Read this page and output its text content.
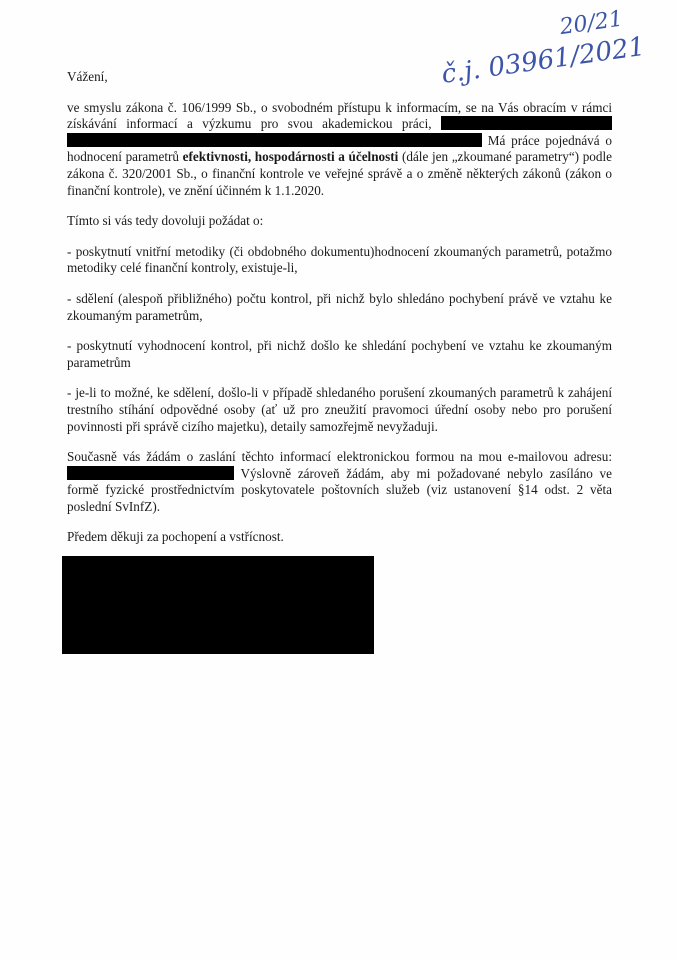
20/21
č.j. 03961/2021

Vážení,

ve smyslu zákona č. 106/1999 Sb., o svobodném přístupu k informacím, se na Vás obracím v rámci získávání informací a výzkumu pro svou akademickou práci,   Má práce pojednává o hodnocení parametrů efektivnosti, hospodárnosti a účelnosti (dále jen „zkoumané parametry“) podle zákona č. 320/2001 Sb., o finanční kontrole ve veřejné správě a o změně některých zákonů (zákon o finanční kontrole), ve znění účinném k 1.1.2020.

Tímto si vás tedy dovoluji požádat o:

- poskytnutí vnitřní metodiky (či obdobného dokumentu)hodnocení zkoumaných parametrů, potažmo metodiky celé finanční kontroly, existuje-li,

- sdělení (alespoň přibližného) počtu kontrol, při nichž bylo shledáno pochybení právě ve vztahu ke zkoumaným parametrům,

- poskytnutí vyhodnocení kontrol, při nichž došlo ke shledání pochybení ve vztahu ke zkoumaným parametrům

- je-li to možné, ke sdělení, došlo-li v případě shledaného porušení zkoumaných parametrů k zahájení trestního stíhání odpovědné osoby (ať už pro zneužití pravomoci úřední osoby nebo pro porušení povinnosti při správě cizího majetku), detaily samozřejmě nevyžaduji.

Současně vás žádám o zaslání těchto informací elektronickou formou na mou e-mailovou adresu:  Výslovně zároveň žádám, aby mi požadované nebylo zasíláno ve formě fyzické prostřednictvím poskytovatele poštovních služeb (viz ustanovení §14 odst. 2 věta poslední SvInfZ).

Předem děkuji za pochopení a vstřícnost.
